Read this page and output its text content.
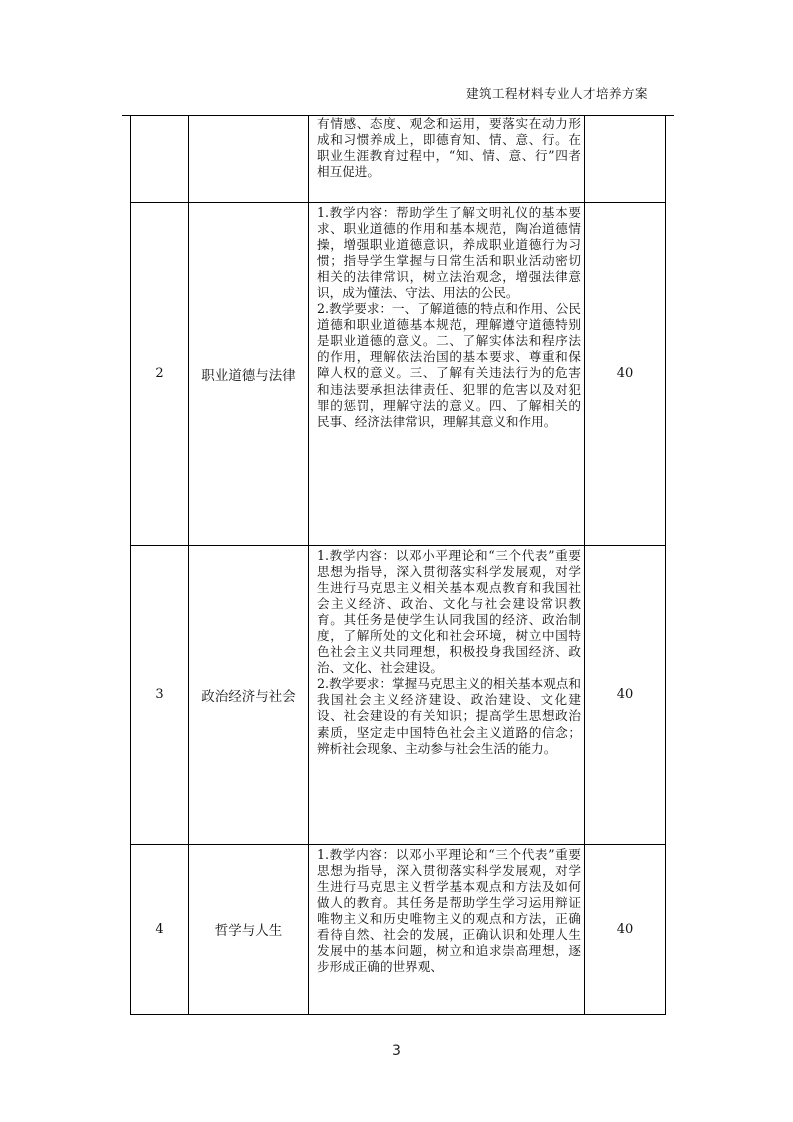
建筑工程材料专业人才培养方案

		有情感、态度、观念和运用，要落实在动力形成和习惯养成上，即德育知、情、意、行。在职业生涯教育过程中，“知、情、意、行”四者相互促进。	

2	职业道德与法律	1.教学内容：帮助学生了解文明礼仪的基本要求、职业道德的作用和基本规范，陶冶道德情操，增强职业道德意识，养成职业道德行为习惯；指导学生掌握与日常生活和职业活动密切相关的法律常识，树立法治观念，增强法律意识，成为懂法、守法、用法的公民。

2.教学要求：一、了解道德的特点和作用、公民道德和职业道德基本规范，理解遵守道德特别是职业道德的意义。二、了解实体法和程序法的作用，理解依法治国的基本要求、尊重和保障人权的意义。三、了解有关违法行为的危害和违法要承担法律责任、犯罪的危害以及对犯罪的惩罚，理解守法的意义。四、了解相关的民事、经济法律常识，理解其意义和作用。	40
3	政治经济与社会	1.教学内容：以邓小平理论和“三个代表”重要思想为指导，深入贯彻落实科学发展观，对学生进行马克思主义相关基本观点教育和我国社会主义经济、政治、文化与社会建设常识教育。其任务是使学生认同我国的经济、政治制度，了解所处的文化和社会环境，树立中国特色社会主义共同理想，积极投身我国经济、政治、文化、社会建设。

2.教学要求：掌握马克思主义的相关基本观点和我国社会主义经济建设、政治建设、文化建设、社会建设的有关知识；提高学生思想政治素质，坚定走中国特色社会主义道路的信念；辨析社会现象、主动参与社会生活的能力。	40
4	哲学与人生	1.教学内容：以邓小平理论和“三个代表”重要思想为指导，深入贯彻落实科学发展观，对学生进行马克思主义哲学基本观点和方法及如何做人的教育。其任务是帮助学生学习运用辩证唯物主义和历史唯物主义的观点和方法，正确看待自然、社会的发展，正确认识和处理人生发展中的基本问题，树立和追求崇高理想，逐步形成正确的世界观、	40
3
